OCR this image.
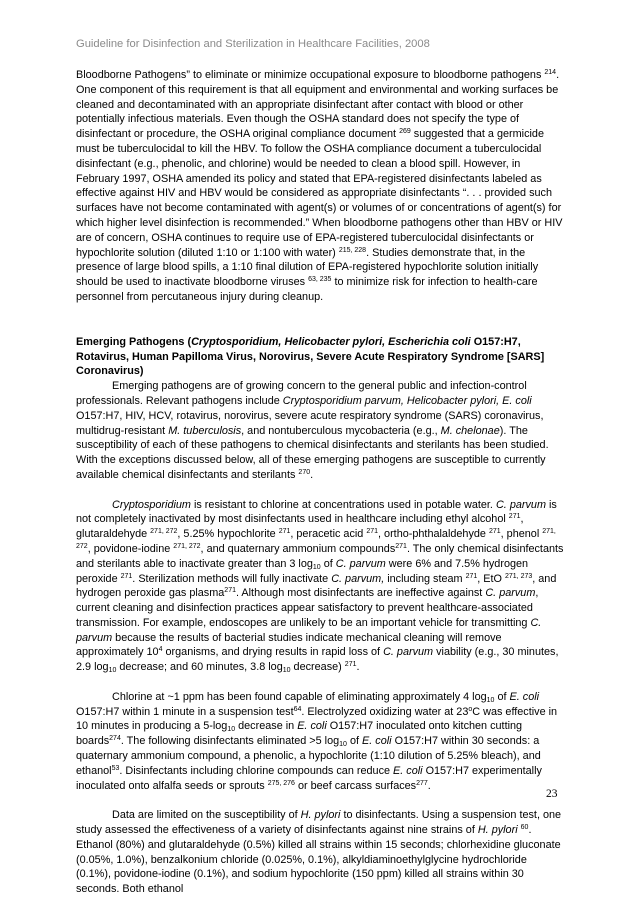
Guideline for Disinfection and Sterilization in Healthcare Facilities, 2008

Bloodborne Pathogens” to eliminate or minimize occupational exposure to bloodborne pathogens $^{214}$. One component of this requirement is that all equipment and environmental and working surfaces be cleaned and decontaminated with an appropriate disinfectant after contact with blood or other potentially infectious materials. Even though the OSHA standard does not specify the type of disinfectant or procedure, the OSHA original compliance document $^{269}$ suggested that a germicide must be tuberculocidal to kill the HBV. To follow the OSHA compliance document a tuberculocidal disinfectant (e.g., phenolic, and chlorine) would be needed to clean a blood spill. However, in February 1997, OSHA amended its policy and stated that EPA-registered disinfectants labeled as effective against HIV and HBV would be considered as appropriate disinfectants “. . . provided such surfaces have not become contaminated with agent(s) or volumes of or concentrations of agent(s) for which higher level disinfection is recommended.” When bloodborne pathogens other than HBV or HIV are of concern, OSHA continues to require use of EPA-registered tuberculocidal disinfectants or hypochlorite solution (diluted 1:10 or 1:100 with water) $^{215, 228}$. Studies demonstrate that, in the presence of large blood spills, a 1:10 final dilution of EPA-registered hypochlorite solution initially should be used to inactivate bloodborne viruses $^{63, 235}$ to minimize risk for infection to health-care personnel from percutaneous injury during cleanup.

Emerging Pathogens (Cryptosporidium, Helicobacter pylori, Escherichia coli O157:H7, Rotavirus, Human Papilloma Virus, Norovirus, Severe Acute Respiratory Syndrome [SARS] Coronavirus)

Emerging pathogens are of growing concern to the general public and infection-control professionals. Relevant pathogens include Cryptosporidium parvum, Helicobacter pylori, E. coli O157:H7, HIV, HCV, rotavirus, norovirus, severe acute respiratory syndrome (SARS) coronavirus, multidrug-resistant M. tuberculosis, and nontuberculous mycobacteria (e.g., M. chelonae). The susceptibility of each of these pathogens to chemical disinfectants and sterilants has been studied. With the exceptions discussed below, all of these emerging pathogens are susceptible to currently available chemical disinfectants and sterilants $^{270}$.

Cryptosporidium is resistant to chlorine at concentrations used in potable water. C. parvum is not completely inactivated by most disinfectants used in healthcare including ethyl alcohol $^{271}$, glutaraldehyde $^{271, 272}$, 5.25% hypochlorite $^{271}$, peracetic acid $^{271}$, ortho-phthalaldehyde $^{271}$, phenol $^{271, 272}$, povidone-iodine $^{271, 272}$, and quaternary ammonium compounds$^{271}$. The only chemical disinfectants and sterilants able to inactivate greater than 3 $\log_{10}$ of C. parvum were 6% and 7.5% hydrogen peroxide $^{271}$. Sterilization methods will fully inactivate C. parvum, including steam $^{271}$, EtO $^{271, 273}$, and hydrogen peroxide gas plasma$^{271}$. Although most disinfectants are ineffective against C. parvum, current cleaning and disinfection practices appear satisfactory to prevent healthcare-associated transmission. For example, endoscopes are unlikely to be an important vehicle for transmitting C. parvum because the results of bacterial studies indicate mechanical cleaning will remove approximately $10^4$ organisms, and drying results in rapid loss of C. parvum viability (e.g., 30 minutes, 2.9 $\log_{10}$ decrease; and 60 minutes, 3.8 $\log_{10}$ decrease) $^{271}$.

Chlorine at ~1 ppm has been found capable of eliminating approximately 4 $\log_{10}$ of E. coli O157:H7 within 1 minute in a suspension test$^{64}$. Electrolyzed oxidizing water at 23$^o$C was effective in 10 minutes in producing a $5-\log_{10}$ decrease in E. coli O157:H7 inoculated onto kitchen cutting boards$^{274}$. The following disinfectants eliminated >5 $\log_{10}$ of E. coli O157:H7 within 30 seconds: a quaternary ammonium compound, a phenolic, a hypochlorite (1:10 dilution of 5.25% bleach), and ethanol$^{53}$. Disinfectants including chlorine compounds can reduce E. coli O157:H7 experimentally inoculated onto alfalfa seeds or sprouts $^{275, 276}$ or beef carcass surfaces$^{277}$.

Data are limited on the susceptibility of H. pylori to disinfectants. Using a suspension test, one study assessed the effectiveness of a variety of disinfectants against nine strains of H. pylori $^{60}$. Ethanol (80%) and glutaraldehyde (0.5%) killed all strains within 15 seconds; chlorhexidine gluconate (0.05%, 1.0%), benzalkonium chloride (0.025%, 0.1%), alkyldiaminoethylglycine hydrochloride (0.1%), povidone-iodine (0.1%), and sodium hypochlorite (150 ppm) killed all strains within 30 seconds. Both ethanol

23
